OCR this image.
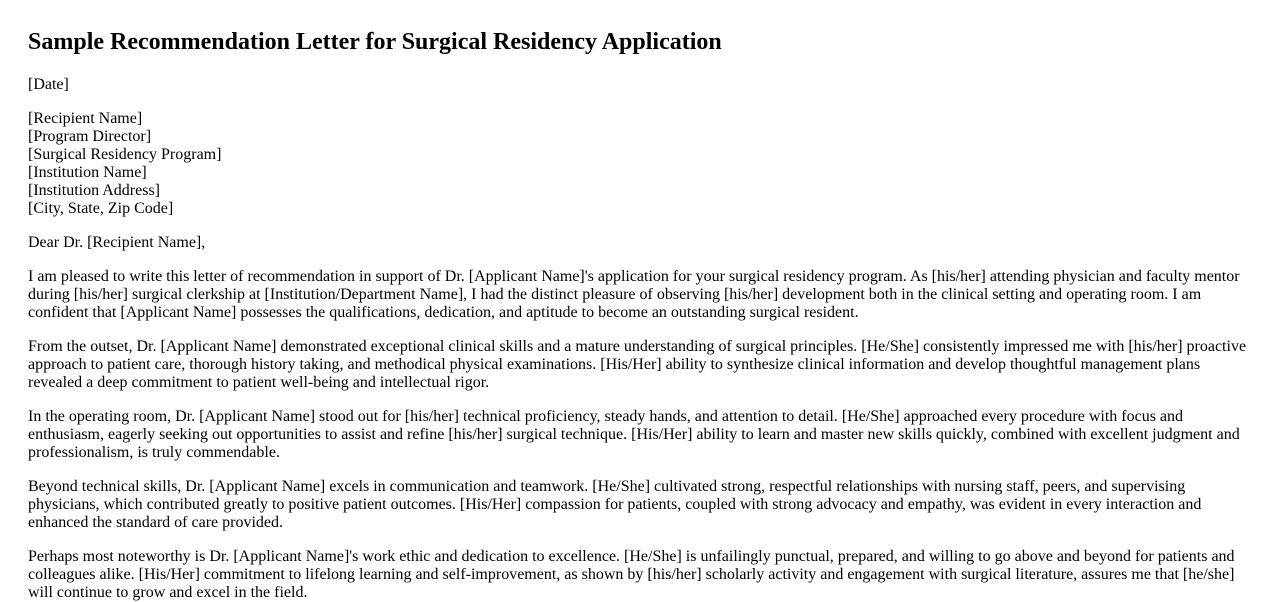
Sample Recommendation Letter for Surgical Residency Application

[Date]

[Recipient Name]
[Program Director]
[Surgical Residency Program]
[Institution Name]
[Institution Address]
[City, State, Zip Code]

Dear Dr. [Recipient Name],

I am pleased to write this letter of recommendation in support of Dr. [Applicant Name]'s application for your surgical residency program. As [his/her] attending physician and faculty mentor during [his/her] surgical clerkship at [Institution/Department Name], I had the distinct pleasure of observing [his/her] development both in the clinical setting and operating room. I am confident that [Applicant Name] possesses the qualifications, dedication, and aptitude to become an outstanding surgical resident.

From the outset, Dr. [Applicant Name] demonstrated exceptional clinical skills and a mature understanding of surgical principles. [He/She] consistently impressed me with [his/her] proactive approach to patient care, thorough history taking, and methodical physical examinations. [His/Her] ability to synthesize clinical information and develop thoughtful management plans revealed a deep commitment to patient well-being and intellectual rigor.

In the operating room, Dr. [Applicant Name] stood out for [his/her] technical proficiency, steady hands, and attention to detail. [He/She] approached every procedure with focus and enthusiasm, eagerly seeking out opportunities to assist and refine [his/her] surgical technique. [His/Her] ability to learn and master new skills quickly, combined with excellent judgment and professionalism, is truly commendable.

Beyond technical skills, Dr. [Applicant Name] excels in communication and teamwork. [He/She] cultivated strong, respectful relationships with nursing staff, peers, and supervising physicians, which contributed greatly to positive patient outcomes. [His/Her] compassion for patients, coupled with strong advocacy and empathy, was evident in every interaction and enhanced the standard of care provided.

Perhaps most noteworthy is Dr. [Applicant Name]'s work ethic and dedication to excellence. [He/She] is unfailingly punctual, prepared, and willing to go above and beyond for patients and colleagues alike. [His/Her] commitment to lifelong learning and self-improvement, as shown by [his/her] scholarly activity and engagement with surgical literature, assures me that [he/she] will continue to grow and excel in the field.
